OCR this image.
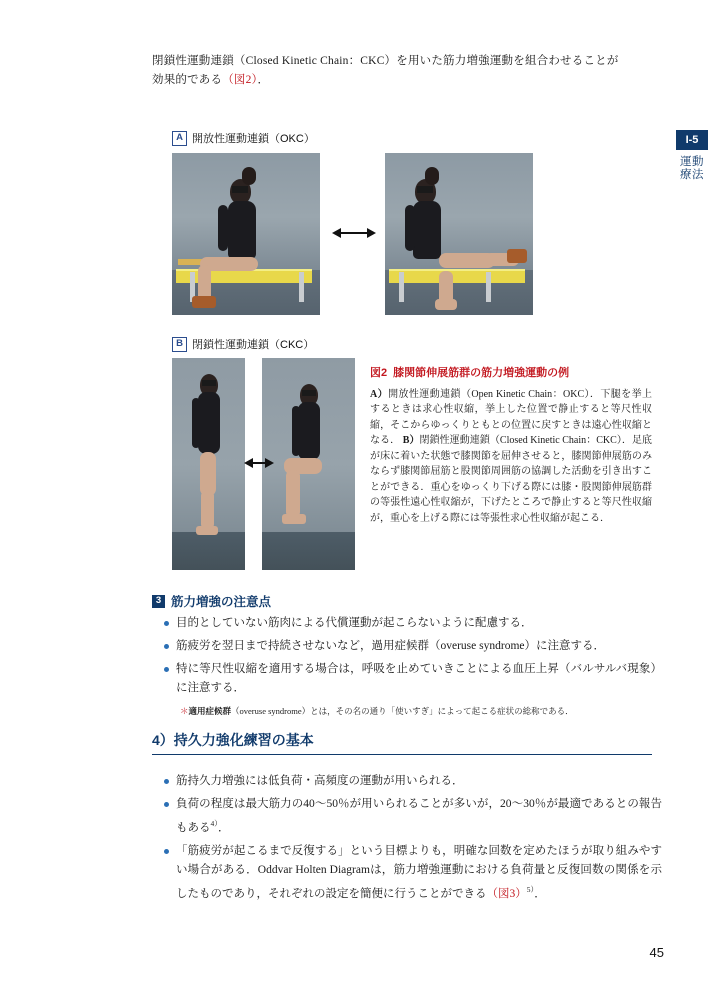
I-5
運動療法
閉鎖性運動連鎖（Closed Kinetic Chain：CKC）を用いた筋力増強運動を組合わせることが
効果的である（図2）．
A 開放性運動連鎖（OKC）
B 閉鎖性運動連鎖（CKC）
図2 膝関節伸展筋群の筋力増強運動の例
A）開放性運動連鎖（Open Kinetic Chain：OKC）．下腿を挙上するときは求心性収縮，挙上した位置で静止すると等尺性収縮，そこからゆっくりともとの位置に戻すときは遠心性収縮となる． B）閉鎖性運動連鎖（Closed Kinetic Chain：CKC）．足底が床に着いた状態で膝関節を屈伸させると，膝関節伸展筋のみならず膝関節屈筋と股関節周囲筋の協調した活動を引き出すことができる．重心をゆっくり下げる際には膝・股関節伸展筋群の等張性遠心性収縮が，下げたところで静止すると等尺性収縮が，重心を上げる際には等張性求心性収縮が起こる．
3 筋力増強の注意点
目的としていない筋肉による代償運動が起こらないように配慮する．
筋疲労を翌日まで持続させないなど，過用症候群（overuse syndrome）に注意する．
特に等尺性収縮を適用する場合は，呼吸を止めていきことによる血圧上昇（バルサルバ現象）に注意する．
＊適用症候群（overuse syndrome）とは，その名の通り「使いすぎ」によって起こる症状の総称である．
4）持久力強化練習の基本
筋持久力増強には低負荷・高頻度の運動が用いられる．
負荷の程度は最大筋力の40〜50％が用いられることが多いが，20〜30％が最適であるとの報告もある$^{4)}$．
「筋疲労が起こるまで反復する」という目標よりも，明確な回数を定めたほうが取り組みやすい場合がある．Oddvar Holten Diagramは，筋力増強運動における負荷量と反復回数の関係を示したものであり，それぞれの設定を簡便に行うことができる（図3）$^{5)}$．
45
